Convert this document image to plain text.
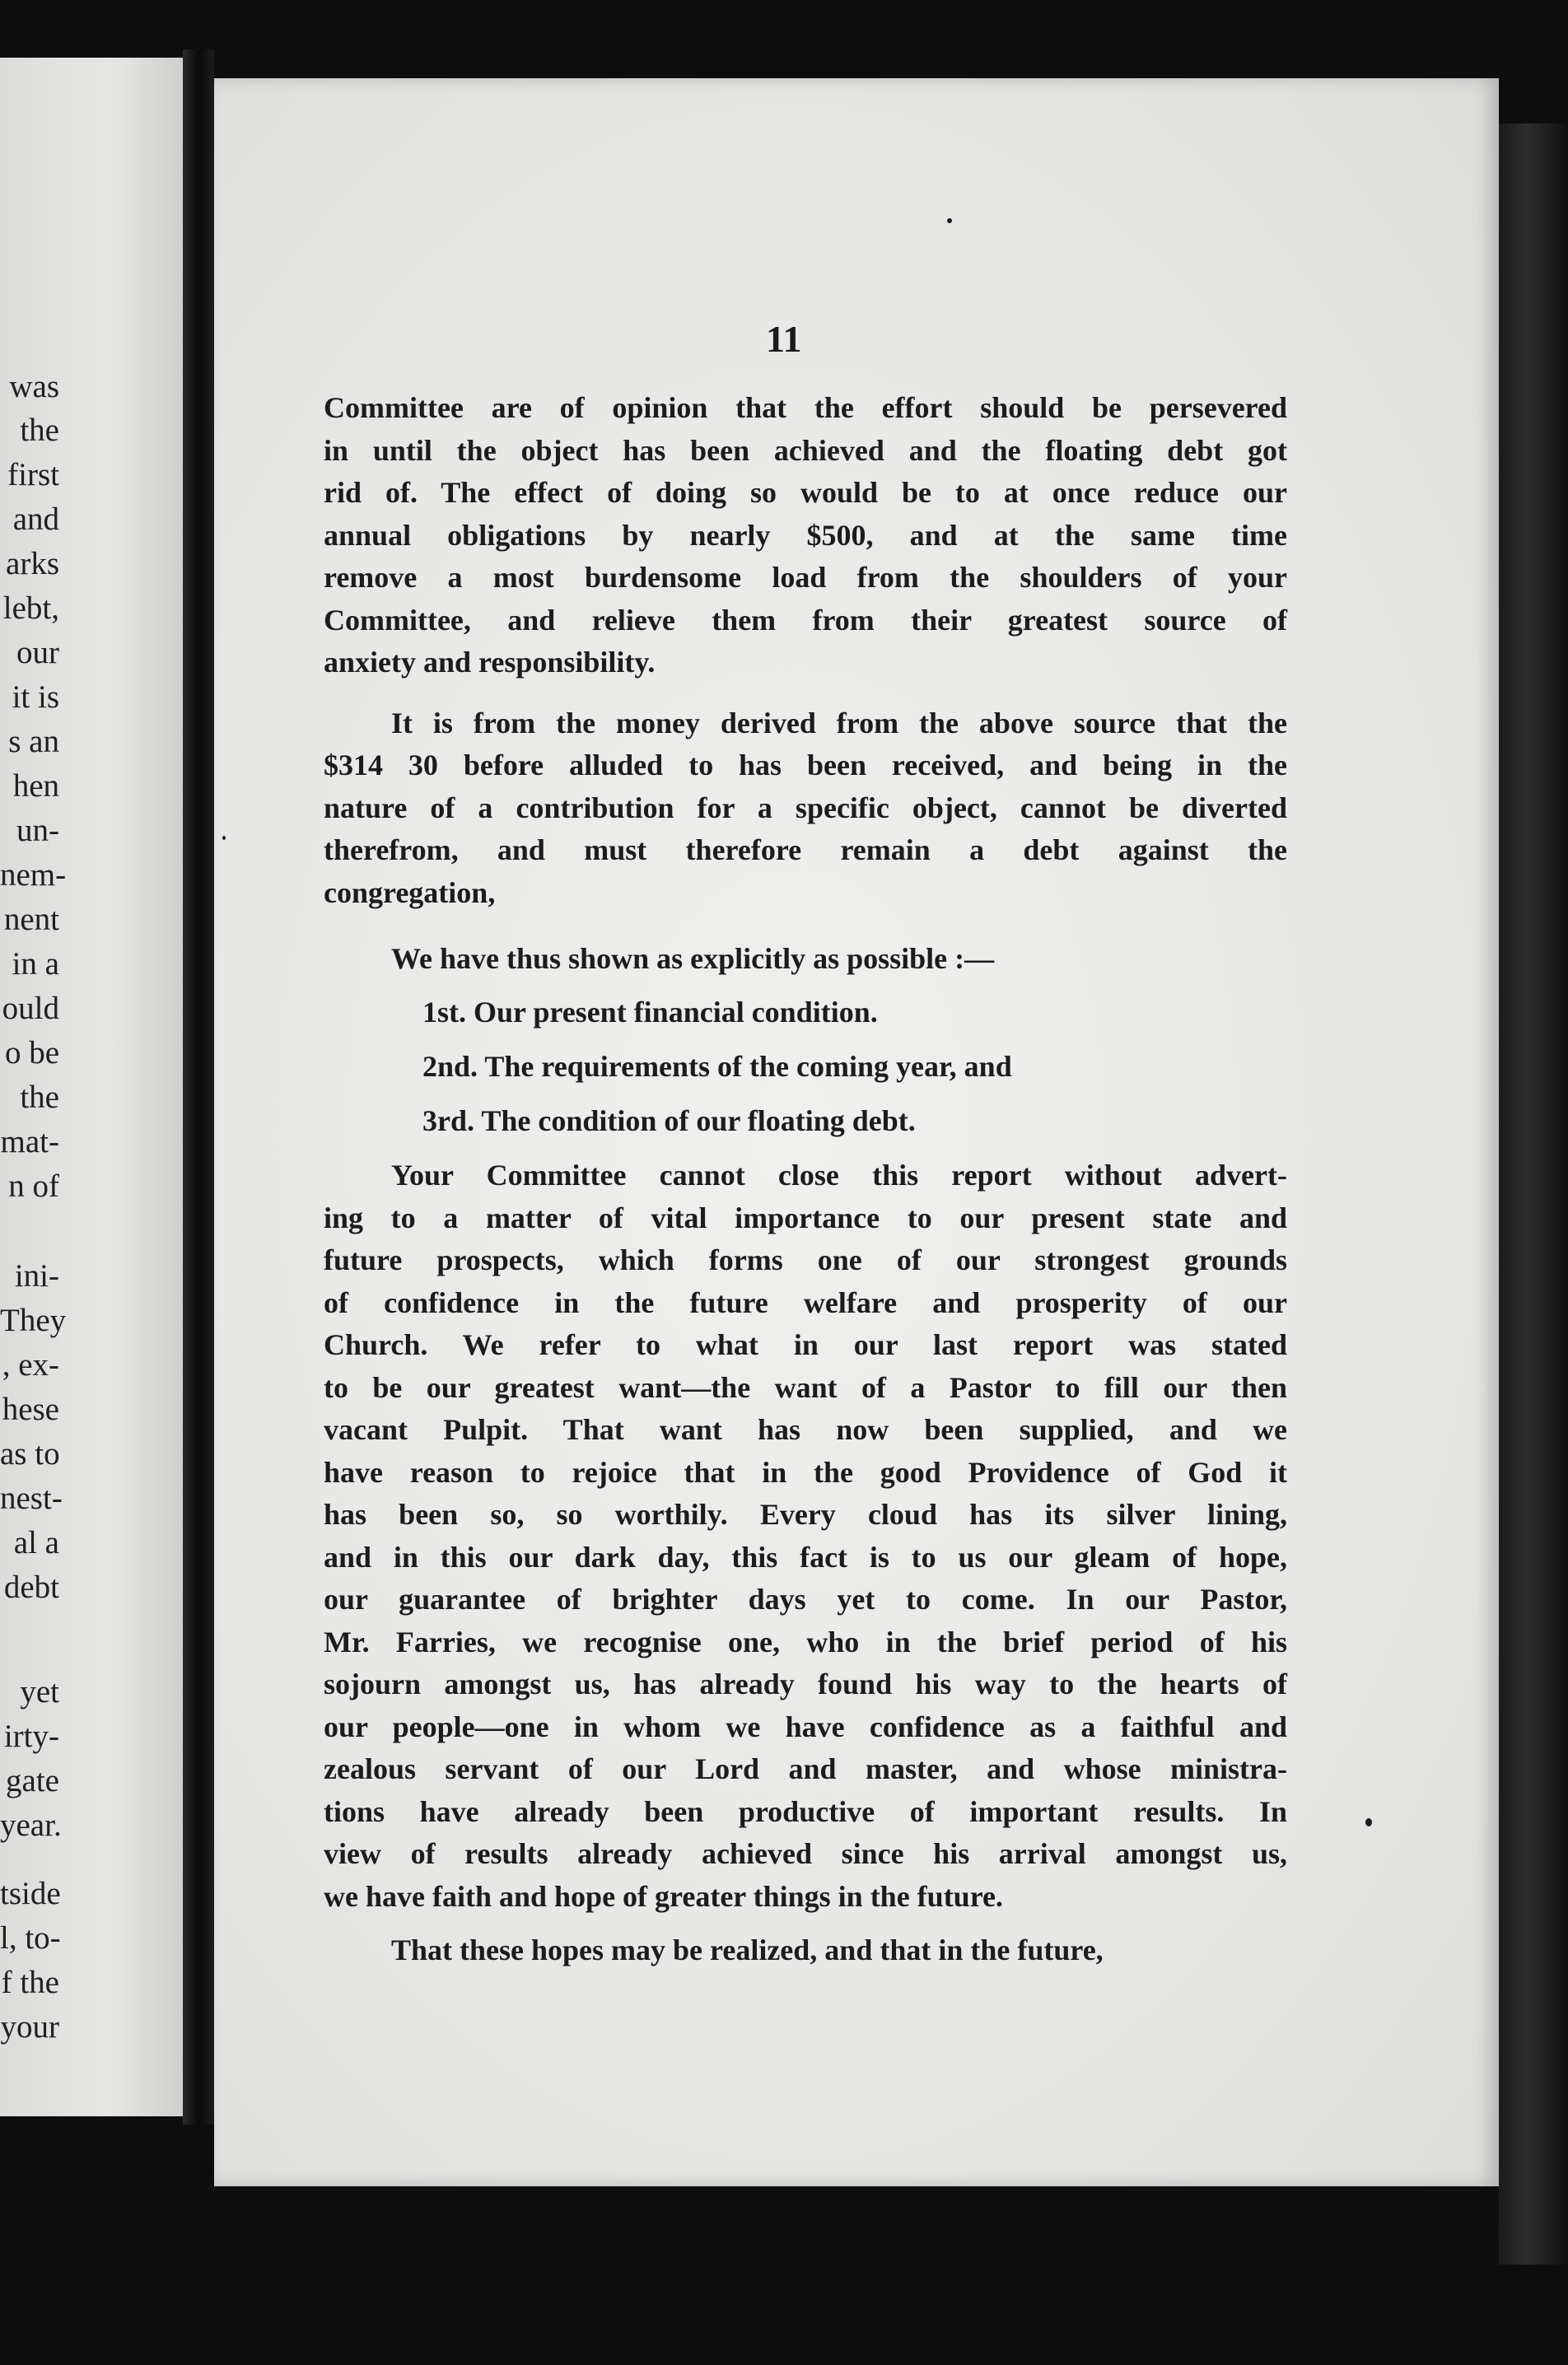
was
the
first
and
arks
lebt,
our
it is
s an
hen
un-
nem-
nent
in a
ould
o be
the
mat-
n of
ini-
They
, ex-
hese
as to
nest-
al a
debt
yet
irty-
gate
year.
tside
l, to-
f the
your
11
Committee are of opinion that the effort should be persevered
in until the object has been achieved and the floating debt got
rid of. The effect of doing so would be to at once reduce our
annual obligations by nearly $500, and at the same time
remove a most burdensome load from the shoulders of your
Committee, and relieve them from their greatest source of
anxiety and responsibility.
It is from the money derived from the above source that the
$314 30 before alluded to has been received, and being in the
nature of a contribution for a specific object, cannot be diverted
therefrom, and must therefore remain a debt against the
congregation,
We have thus shown as explicitly as possible :—
1st. Our present financial condition.
2nd. The requirements of the coming year, and
3rd. The condition of our floating debt.
Your Committee cannot close this report without advert-
ing to a matter of vital importance to our present state and
future prospects, which forms one of our strongest grounds
of confidence in the future welfare and prosperity of our
Church. We refer to what in our last report was stated
to be our greatest want—the want of a Pastor to fill our then
vacant Pulpit. That want has now been supplied, and we
have reason to rejoice that in the good Providence of God it
has been so, so worthily. Every cloud has its silver lining,
and in this our dark day, this fact is to us our gleam of hope,
our guarantee of brighter days yet to come. In our Pastor,
Mr. Farries, we recognise one, who in the brief period of his
sojourn amongst us, has already found his way to the hearts of
our people—one in whom we have confidence as a faithful and
zealous servant of our Lord and master, and whose ministra-
tions have already been productive of important results. In
view of results already achieved since his arrival amongst us,
we have faith and hope of greater things in the future.
That these hopes may be realized, and that in the future,
